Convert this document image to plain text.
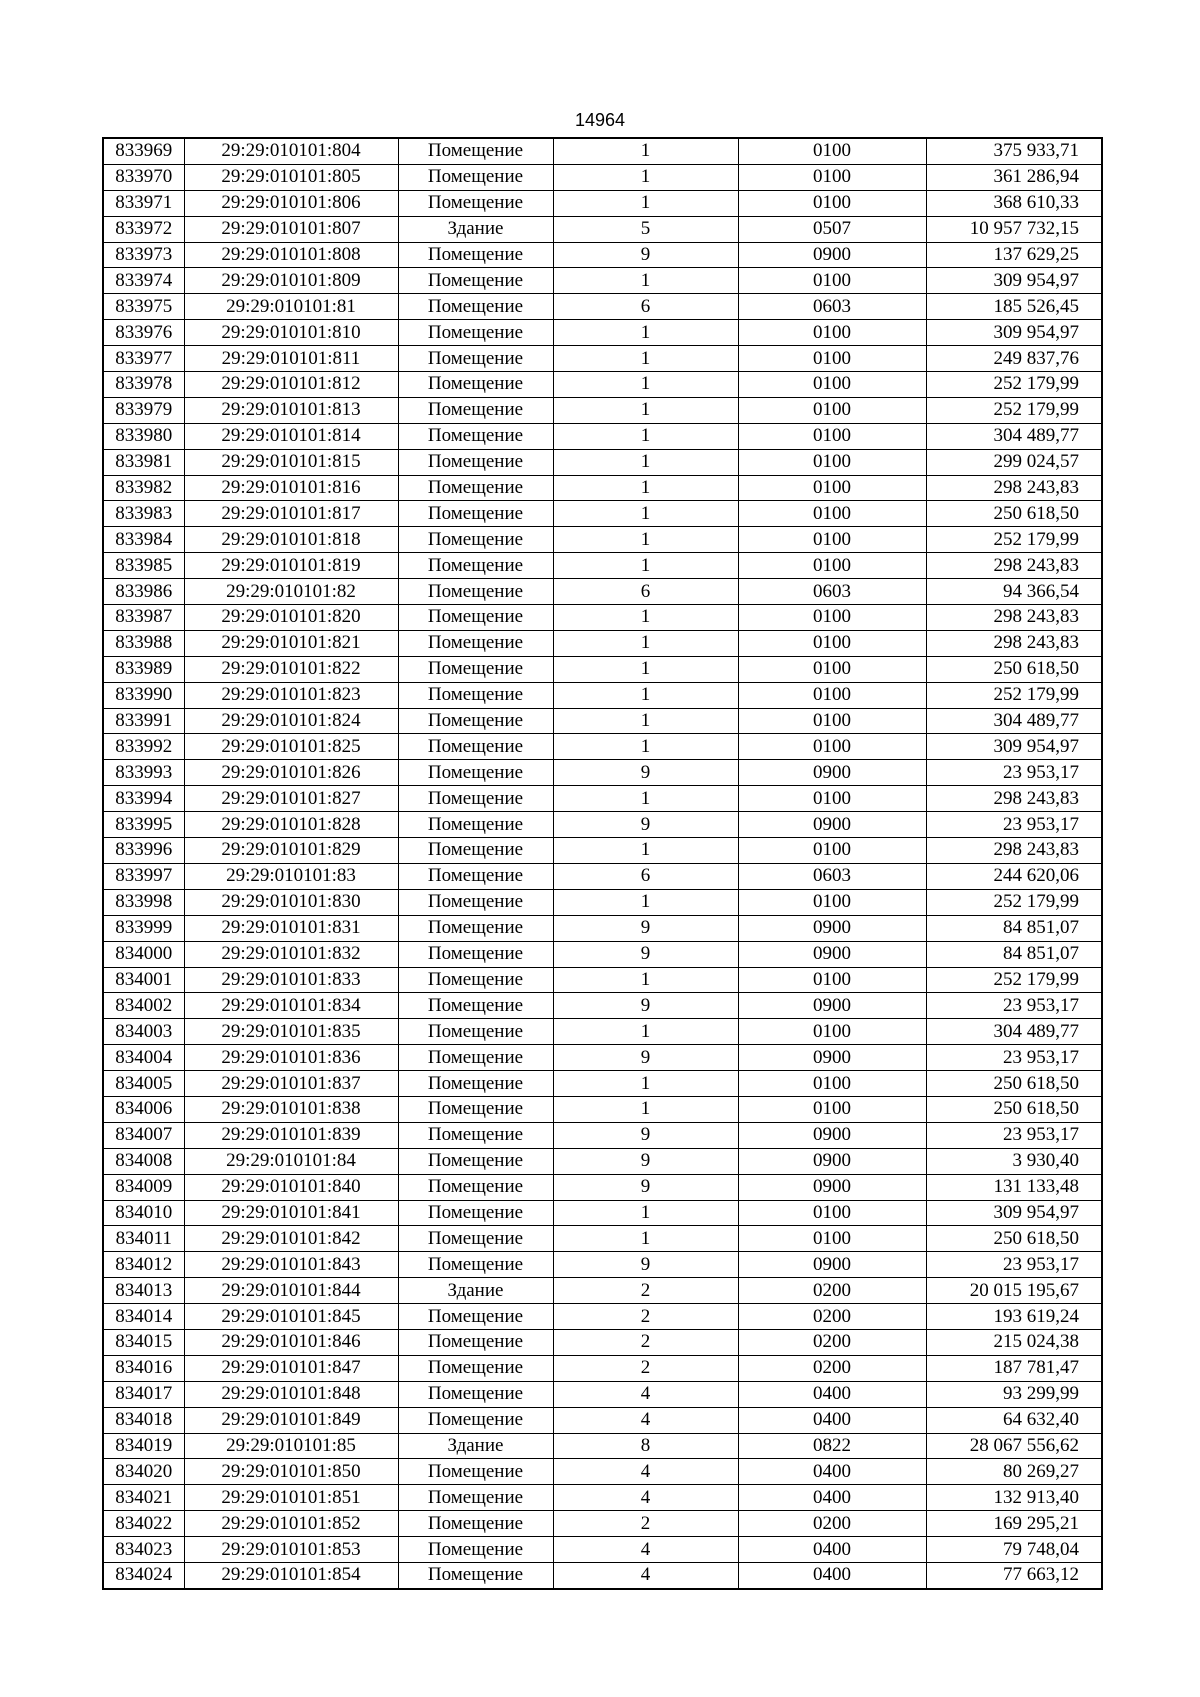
14964
833969	29:29:010101:804	Помещение	1	0100	375 933,71
833970	29:29:010101:805	Помещение	1	0100	361 286,94
833971	29:29:010101:806	Помещение	1	0100	368 610,33
833972	29:29:010101:807	Здание	5	0507	10 957 732,15
833973	29:29:010101:808	Помещение	9	0900	137 629,25
833974	29:29:010101:809	Помещение	1	0100	309 954,97
833975	29:29:010101:81	Помещение	6	0603	185 526,45
833976	29:29:010101:810	Помещение	1	0100	309 954,97
833977	29:29:010101:811	Помещение	1	0100	249 837,76
833978	29:29:010101:812	Помещение	1	0100	252 179,99
833979	29:29:010101:813	Помещение	1	0100	252 179,99
833980	29:29:010101:814	Помещение	1	0100	304 489,77
833981	29:29:010101:815	Помещение	1	0100	299 024,57
833982	29:29:010101:816	Помещение	1	0100	298 243,83
833983	29:29:010101:817	Помещение	1	0100	250 618,50
833984	29:29:010101:818	Помещение	1	0100	252 179,99
833985	29:29:010101:819	Помещение	1	0100	298 243,83
833986	29:29:010101:82	Помещение	6	0603	94 366,54
833987	29:29:010101:820	Помещение	1	0100	298 243,83
833988	29:29:010101:821	Помещение	1	0100	298 243,83
833989	29:29:010101:822	Помещение	1	0100	250 618,50
833990	29:29:010101:823	Помещение	1	0100	252 179,99
833991	29:29:010101:824	Помещение	1	0100	304 489,77
833992	29:29:010101:825	Помещение	1	0100	309 954,97
833993	29:29:010101:826	Помещение	9	0900	23 953,17
833994	29:29:010101:827	Помещение	1	0100	298 243,83
833995	29:29:010101:828	Помещение	9	0900	23 953,17
833996	29:29:010101:829	Помещение	1	0100	298 243,83
833997	29:29:010101:83	Помещение	6	0603	244 620,06
833998	29:29:010101:830	Помещение	1	0100	252 179,99
833999	29:29:010101:831	Помещение	9	0900	84 851,07
834000	29:29:010101:832	Помещение	9	0900	84 851,07
834001	29:29:010101:833	Помещение	1	0100	252 179,99
834002	29:29:010101:834	Помещение	9	0900	23 953,17
834003	29:29:010101:835	Помещение	1	0100	304 489,77
834004	29:29:010101:836	Помещение	9	0900	23 953,17
834005	29:29:010101:837	Помещение	1	0100	250 618,50
834006	29:29:010101:838	Помещение	1	0100	250 618,50
834007	29:29:010101:839	Помещение	9	0900	23 953,17
834008	29:29:010101:84	Помещение	9	0900	3 930,40
834009	29:29:010101:840	Помещение	9	0900	131 133,48
834010	29:29:010101:841	Помещение	1	0100	309 954,97
834011	29:29:010101:842	Помещение	1	0100	250 618,50
834012	29:29:010101:843	Помещение	9	0900	23 953,17
834013	29:29:010101:844	Здание	2	0200	20 015 195,67
834014	29:29:010101:845	Помещение	2	0200	193 619,24
834015	29:29:010101:846	Помещение	2	0200	215 024,38
834016	29:29:010101:847	Помещение	2	0200	187 781,47
834017	29:29:010101:848	Помещение	4	0400	93 299,99
834018	29:29:010101:849	Помещение	4	0400	64 632,40
834019	29:29:010101:85	Здание	8	0822	28 067 556,62
834020	29:29:010101:850	Помещение	4	0400	80 269,27
834021	29:29:010101:851	Помещение	4	0400	132 913,40
834022	29:29:010101:852	Помещение	2	0200	169 295,21
834023	29:29:010101:853	Помещение	4	0400	79 748,04
834024	29:29:010101:854	Помещение	4	0400	77 663,12
